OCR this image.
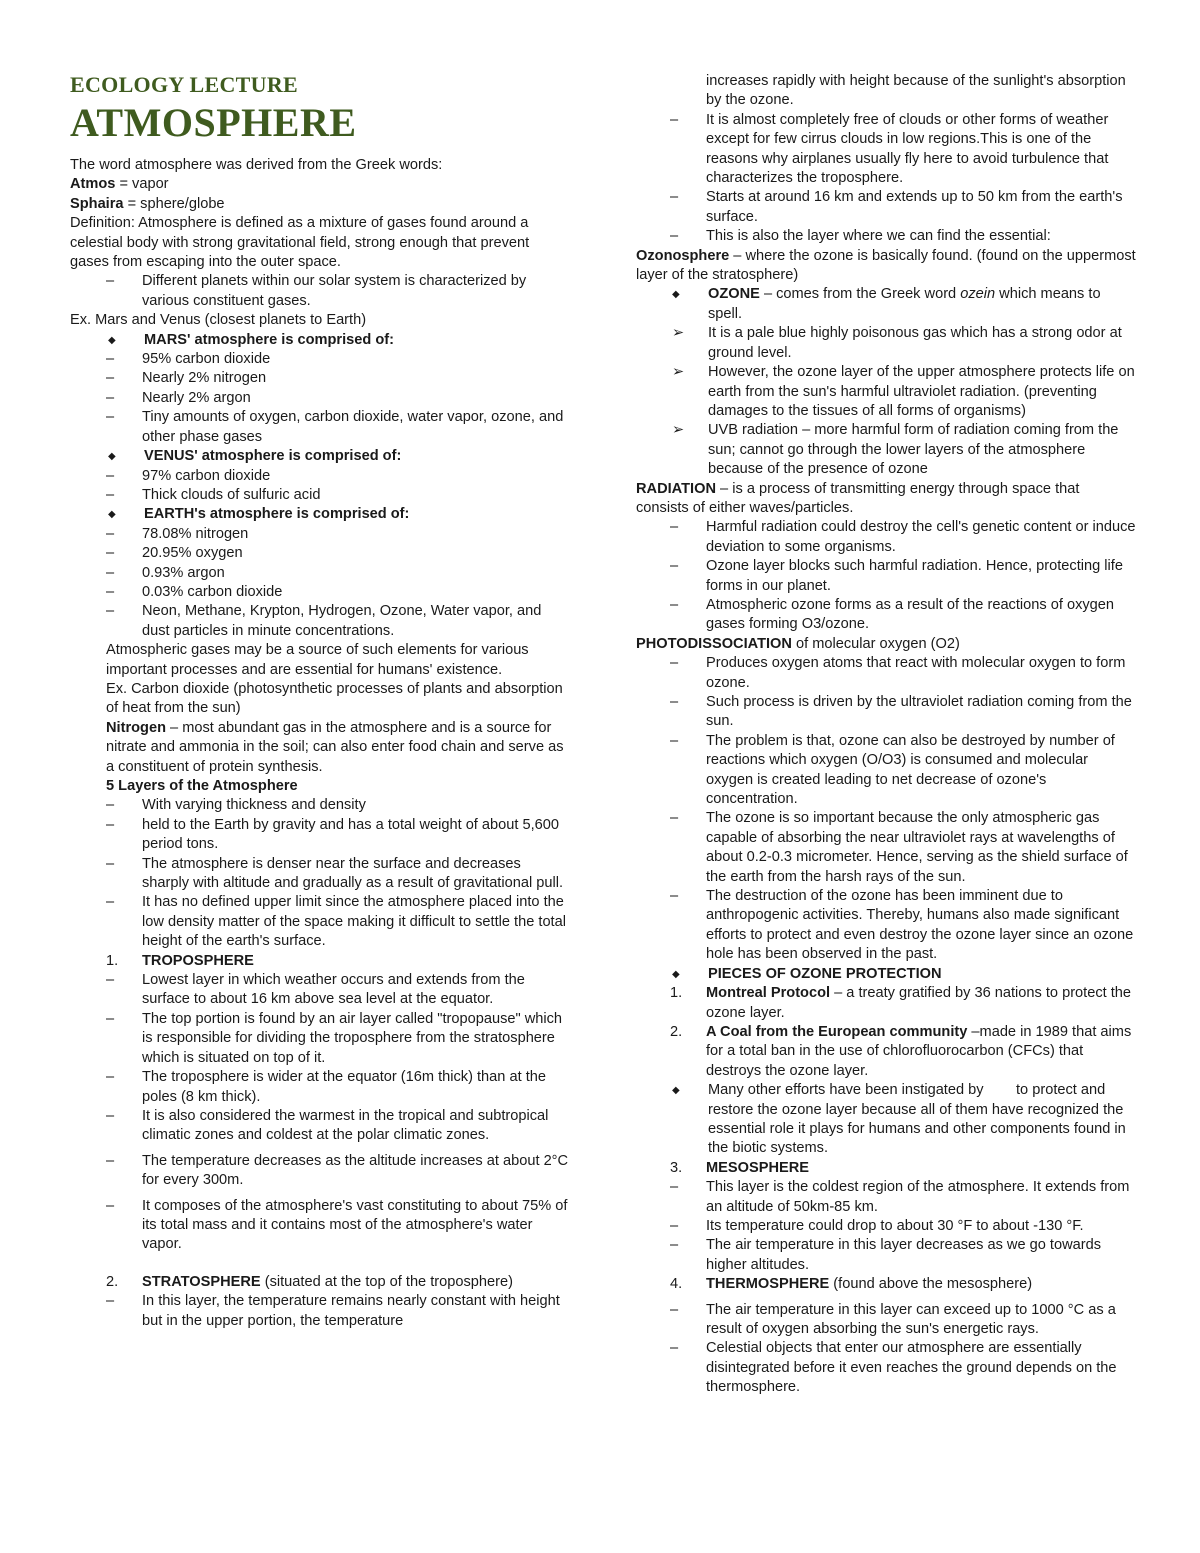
ECOLOGY LECTURE
ATMOSPHERE

The word atmosphere was derived from the Greek words:

Atmos = vapor

Sphaira = sphere/globe

Definition: Atmosphere is defined as a mixture of gases found around a celestial body with strong gravitational field, strong enough that prevent gases from escaping into the outer space.

–
Different planets within our solar system is characterized by various constituent gases.

Ex. Mars and Venus (closest planets to Earth)

◆	MARS' atmosphere is comprised of:
–
95% carbon dioxide
–
Nearly 2% nitrogen
–
Nearly 2% argon
–
Tiny amounts of oxygen, carbon dioxide, water vapor, ozone, and other phase gases
◆	VENUS' atmosphere is comprised of:
–
97% carbon dioxide
–
Thick clouds of sulfuric acid
◆	EARTH's atmosphere is comprised of:
–
78.08% nitrogen
–
20.95% oxygen
–
0.93% argon
–
0.03% carbon dioxide
–
Neon, Methane, Krypton, Hydrogen, Ozone, Water vapor, and dust particles in minute concentrations.

Atmospheric gases may be a source of such elements for various important processes and are essential for humans' existence.

Ex. Carbon dioxide (photosynthetic processes of plants and absorption of heat from the sun)

Nitrogen – most abundant gas in the atmosphere and is a source for nitrate and ammonia in the soil; can also enter food chain and serve as a constituent of protein synthesis.

5 Layers of the Atmosphere

–
With varying thickness and density
–
held to the Earth by gravity and has a total weight of about 5,600 period tons.
–
The atmosphere is denser near the surface and decreases sharply with altitude and gradually as a result of gravitational pull.
–
It has no defined upper limit since the atmosphere placed into the low density matter of the space making it difficult to settle the total height of the earth's surface.
1.	TROPOSPHERE
–
Lowest layer in which weather occurs and extends from the surface to about 16 km above sea level at the equator.
–
The top portion is found by an air layer called "tropopause" which is responsible for dividing the troposphere from the stratosphere which is situated on top of it.
–
The troposphere is wider at the equator (16m thick) than at the poles (8 km thick).
–
It is also considered the warmest in the tropical and subtropical climatic zones and coldest at the polar climatic zones.
–
The temperature decreases as the altitude increases at about 2°C for every 300m.
–
It composes of the atmosphere's vast constituting to about 75% of its total mass and it contains most of the atmosphere's water vapor.
2.	STRATOSPHERE (situated at the top of the troposphere)
–
In this layer, the temperature remains nearly constant with height but in the upper portion, the temperature

increases rapidly with height because of the sunlight's absorption by the ozone.

–
It is almost completely free of clouds or other forms of weather except for few cirrus clouds in low regions.This is one of the reasons why airplanes usually fly here to avoid turbulence that characterizes the troposphere.
–
Starts at around 16 km and extends up to 50 km from the earth's surface.
–
This is also the layer where we can find the essential:

Ozonosphere – where the ozone is basically found. (found on the uppermost layer of the stratosphere)

◆	OZONE – comes from the Greek word ozein which means to spell.
➢	It is a pale blue highly poisonous gas which has a strong odor at ground level.
➢	However, the ozone layer of the upper atmosphere protects life on earth from the sun's harmful ultraviolet radiation. (preventing damages to the tissues of all forms of organisms)
➢	UVB radiation – more harmful form of radiation coming from the sun; cannot go through the lower layers of the atmosphere because of the presence of ozone

RADIATION – is a process of transmitting energy through space that consists of either waves/particles.

–
Harmful radiation could destroy the cell's genetic content or induce deviation to some organisms.
–
Ozone layer blocks such harmful radiation. Hence, protecting life forms in our planet.
–
Atmospheric ozone forms as a result of the reactions of oxygen gases forming O3/ozone.

PHOTODISSOCIATION of molecular oxygen (O2)

–
Produces oxygen atoms that react with molecular oxygen to form ozone.
–
Such process is driven by the ultraviolet radiation coming from the sun.
–
The problem is that, ozone can also be destroyed by number of reactions which oxygen (O/O3) is consumed and molecular oxygen is created leading to net decrease of ozone's concentration.
–
The ozone is so important because the only atmospheric gas capable of absorbing the near ultraviolet rays at wavelengths of about 0.2-0.3 micrometer. Hence, serving as the shield surface of the earth from the harsh rays of the sun.
–
The destruction of the ozone has been imminent due to anthropogenic activities. Thereby, humans also made significant efforts to protect and even destroy the ozone layer since an ozone hole has been observed in the past.
◆	PIECES OF OZONE PROTECTION
1.	Montreal Protocol – a treaty gratified by 36 nations to protect the ozone layer.
2.	A Coal from the European community –made in 1989 that aims for a total ban in the use of chlorofluorocarbon (CFCs) that destroys the ozone layer.
◆	Many other efforts have been instigated by        to protect and restore the ozone layer because all of them have recognized the essential role it plays for humans and other components found in the biotic systems.
3.	MESOSPHERE
–
This layer is the coldest region of the atmosphere. It extends from an altitude of 50km-85 km.
–
Its temperature could drop to about 30 °F to about -130 °F.
–
The air temperature in this layer decreases as we go towards higher altitudes.
4.	THERMOSPHERE (found above the mesosphere)
–
The air temperature in this layer can exceed up to 1000 °C as a result of oxygen absorbing the sun's energetic rays.
–
Celestial objects that enter our atmosphere are essentially disintegrated before it even reaches the ground depends on the thermosphere.
